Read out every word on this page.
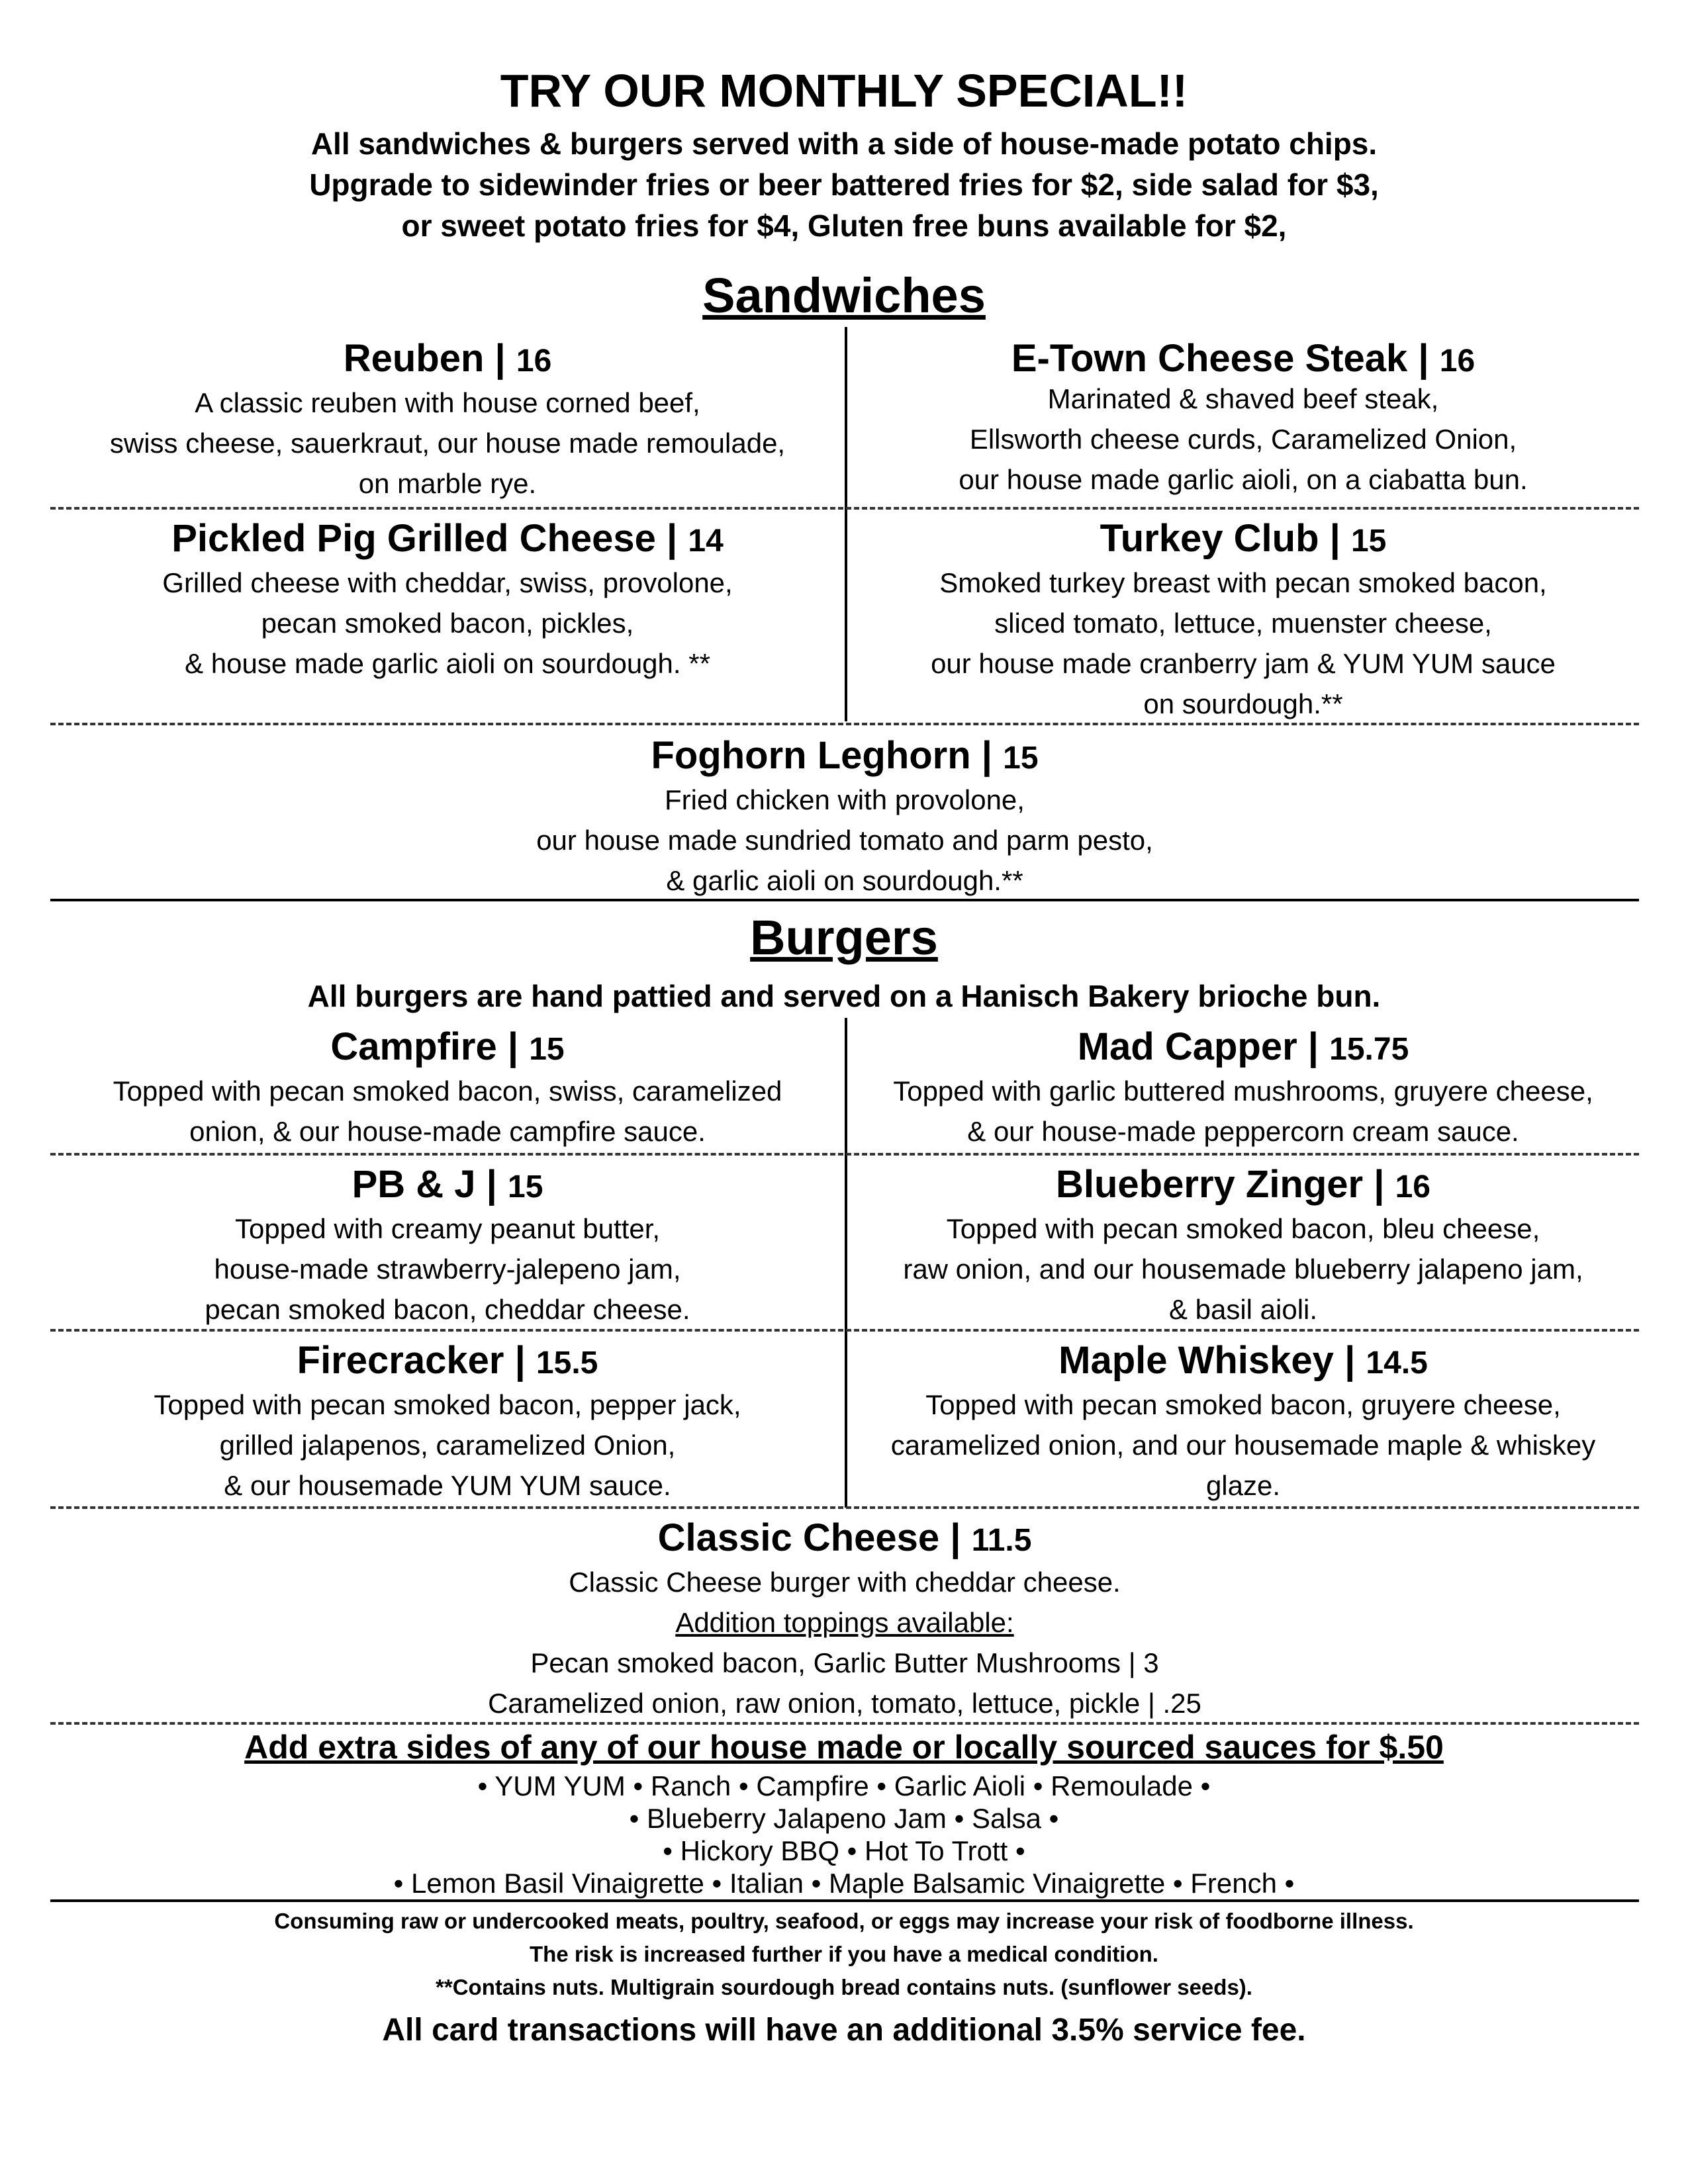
TRY OUR MONTHLY SPECIAL!!
All sandwiches & burgers served with a side of house-made potato chips.
Upgrade to sidewinder fries or beer battered fries for $2, side salad for $3,
or sweet potato fries for $4, Gluten free buns available for $2,
Sandwiches
Reuben | 16
A classic reuben with house corned beef,
swiss cheese, sauerkraut, our house made remoulade,
on marble rye.
E-Town Cheese Steak | 16
Marinated & shaved beef steak,
Ellsworth cheese curds, Caramelized Onion,
our house made garlic aioli, on a ciabatta bun.
Pickled Pig Grilled Cheese | 14
Grilled cheese with cheddar, swiss, provolone,
pecan smoked bacon, pickles,
& house made garlic aioli on sourdough. **
Turkey Club | 15
Smoked turkey breast with pecan smoked bacon,
sliced tomato, lettuce, muenster cheese,
our house made cranberry jam & YUM YUM sauce
on sourdough.**
Foghorn Leghorn | 15
Fried chicken with provolone,
our house made sundried tomato and parm pesto,
& garlic aioli on sourdough.**
Burgers
All burgers are hand pattied and served on a Hanisch Bakery brioche bun.
Campfire | 15
Topped with pecan smoked bacon, swiss, caramelized
onion, & our house-made campfire sauce.
Mad Capper | 15.75
Topped with garlic buttered mushrooms, gruyere cheese,
& our house-made peppercorn cream sauce.
PB & J | 15
Topped with creamy peanut butter,
house-made strawberry-jalepeno jam,
pecan smoked bacon, cheddar cheese.
Blueberry Zinger | 16
Topped with pecan smoked bacon, bleu cheese,
raw onion, and our housemade blueberry jalapeno jam,
& basil aioli.
Firecracker | 15.5
Topped with pecan smoked bacon, pepper jack,
grilled jalapenos, caramelized Onion,
& our housemade YUM YUM sauce.
Maple Whiskey | 14.5
Topped with pecan smoked bacon, gruyere cheese,
caramelized onion, and our housemade maple & whiskey
glaze.
Classic Cheese | 11.5
Classic Cheese burger with cheddar cheese.
Addition toppings available:
Pecan smoked bacon, Garlic Butter Mushrooms | 3
Caramelized onion, raw onion, tomato, lettuce, pickle | .25
Add extra sides of any of our house made or locally sourced sauces for $.50
• YUM YUM • Ranch • Campfire • Garlic Aioli • Remoulade •
• Blueberry Jalapeno Jam • Salsa •
• Hickory BBQ • Hot To Trott •
• Lemon Basil Vinaigrette • Italian • Maple Balsamic Vinaigrette • French •
Consuming raw or undercooked meats, poultry, seafood, or eggs may increase your risk of foodborne illness.
The risk is increased further if you have a medical condition.
**Contains nuts. Multigrain sourdough bread contains nuts. (sunflower seeds).
All card transactions will have an additional 3.5% service fee.
